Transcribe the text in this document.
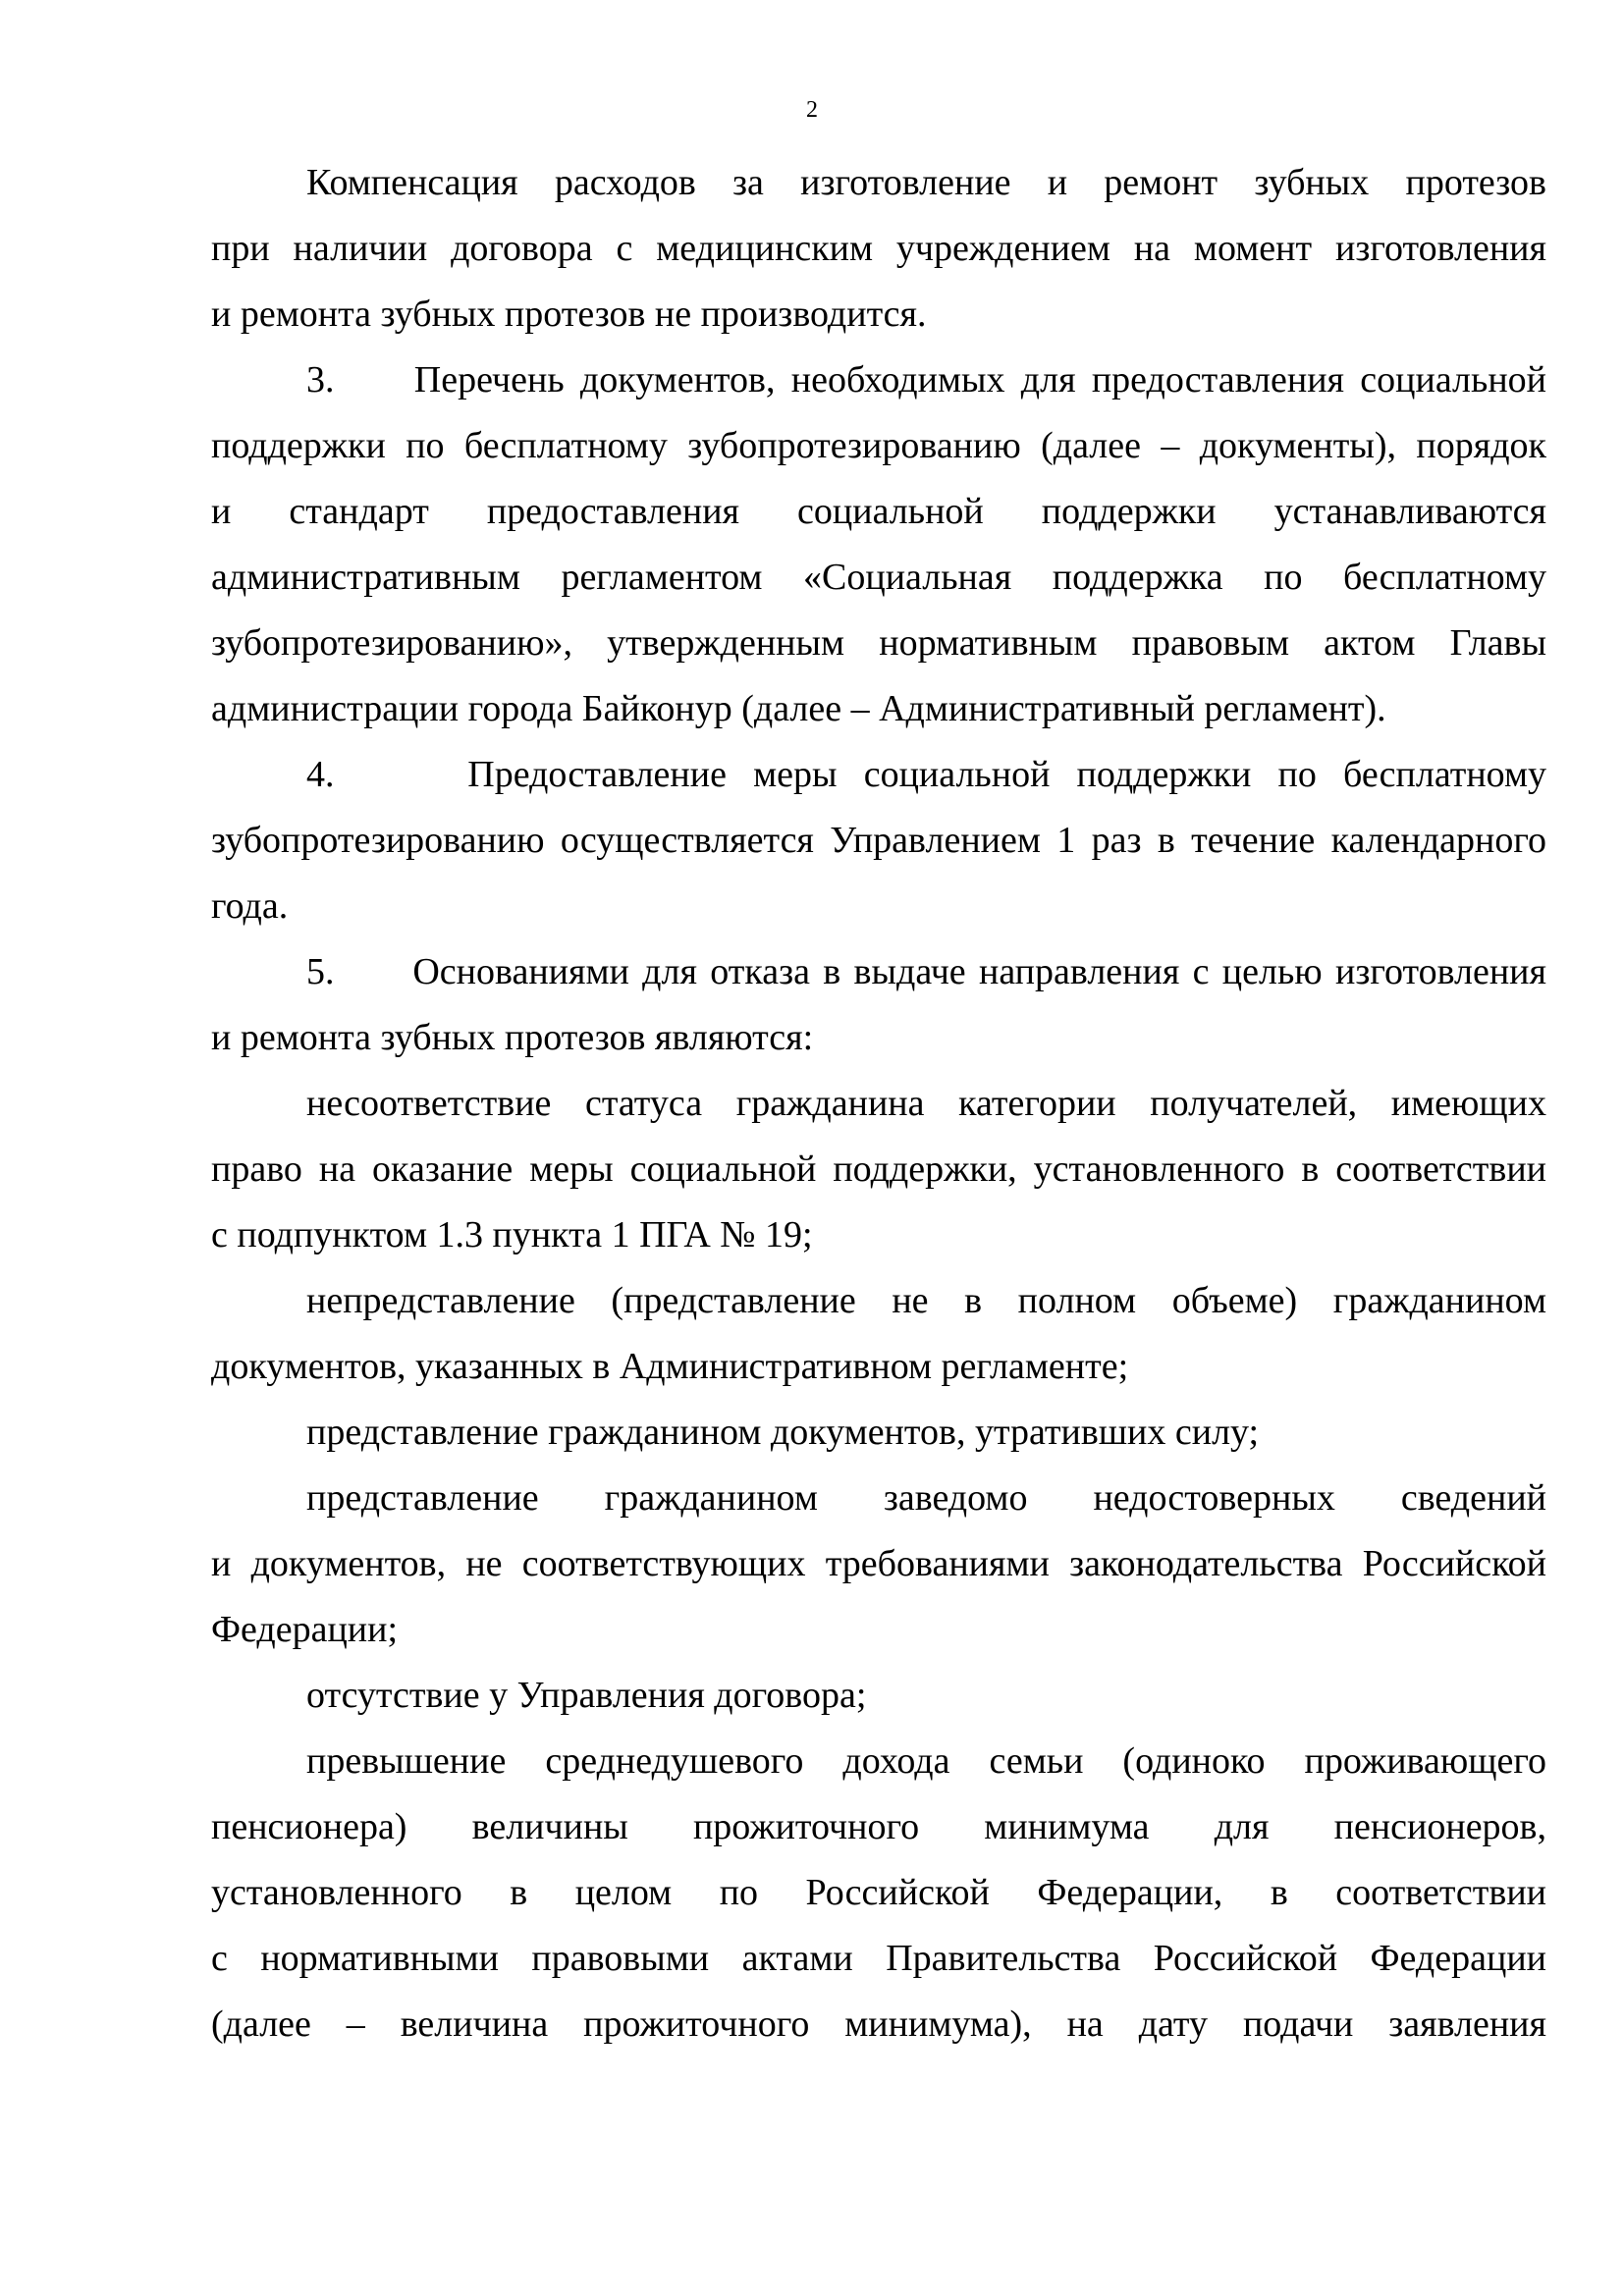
2

Компенсация расходов за изготовление и ремонт зубных протезов
при наличии договора с медицинским учреждением на момент изготовления
и ремонта зубных протезов не производится.

3.     Перечень документов, необходимых для предоставления социальной
поддержки по бесплатному зубопротезированию (далее – документы), порядок
и стандарт предоставления социальной поддержки устанавливаются
административным регламентом «Социальная поддержка по бесплатному
зубопротезированию», утвержденным нормативным правовым актом Главы
администрации города Байконур (далее – Административный регламент).

4.     Предоставление меры социальной поддержки по бесплатному
зубопротезированию осуществляется Управлением 1 раз в течение календарного
года.

5.      Основаниями для отказа в выдаче направления с целью изготовления
и ремонта зубных протезов являются:

несоответствие статуса гражданина категории получателей, имеющих
право на оказание меры социальной поддержки, установленного в соответствии
с подпунктом 1.3 пункта 1 ПГА № 19;

непредставление (представление не в полном объеме) гражданином
документов, указанных в Административном регламенте;

представление гражданином документов, утративших силу;

представление гражданином заведомо недостоверных сведений
и документов, не соответствующих требованиями законодательства Российской
Федерации;

отсутствие у Управления договора;

превышение среднедушевого дохода семьи (одиноко проживающего
пенсионера) величины прожиточного минимума для пенсионеров,
установленного в целом по Российской Федерации, в соответствии
с нормативными правовыми актами Правительства Российской Федерации
(далее – величина прожиточного минимума), на дату подачи заявления
